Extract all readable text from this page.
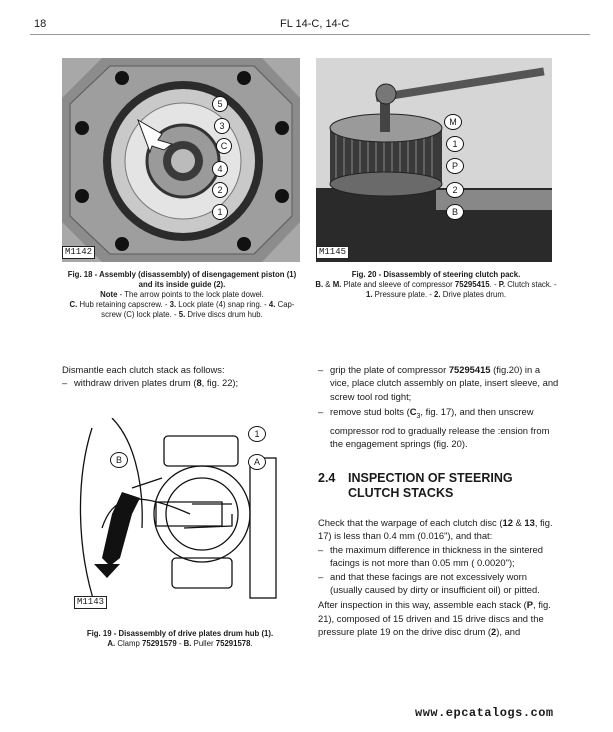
18	FL 14-C, 14-C
M1142
5
3
C
4
2
1
Fig. 18 - Assembly (disassembly) of disengagement piston (1) and its inside guide (2).
Note - The arrow points to the lock plate dowel.
C. Hub retaining capscrew. - 3. Lock plate (4) snap ring. - 4. Cap-screw (C) lock plate. - 5. Drive discs drum hub.
M1145
M
1
P
2
B
Fig. 20 - Disassembly of steering clutch pack.
B. & M. Plate and sleeve of compressor 75295415. - P. Clutch stack. - 1. Pressure plate. - 2. Drive plates drum.

Dismantle each clutch stack as follows:

– withdraw driven plates drum (8, fig. 22);

B
1
A
M1143
Fig. 19 - Disassembly of drive plates drum hub (1).
A. Clamp 75291579 - B. Puller 75291578.

– grip the plate of compressor 75295415 (fig.20) in a vice, place clutch assembly on plate, insert sleeve, and screw tool rod tight;

– remove stud bolts ($C_3$, fig. 17), and then unscrew compressor rod to gradually release the :ension from the engagement springs (fig. 20).

2.4 INSPECTION OF STEERING
CLUTCH STACKS

Check that the warpage of each clutch disc (12 & 13, fig. 17) is less than 0.4 mm (0.016"), and that:

– the maximum difference in thickness in the sintered facings is not more than 0.05 mm ( 0.0020");

– and that these facings are not excessively worn (usually caused by dirty or insufficient oil) or pitted.

After inspection in this way, assemble each stack (P, fig. 21), composed of 15 driven and 15 drive discs and the pressure plate 19 on the drive disc drum (2), and

www.epcatalogs.com
